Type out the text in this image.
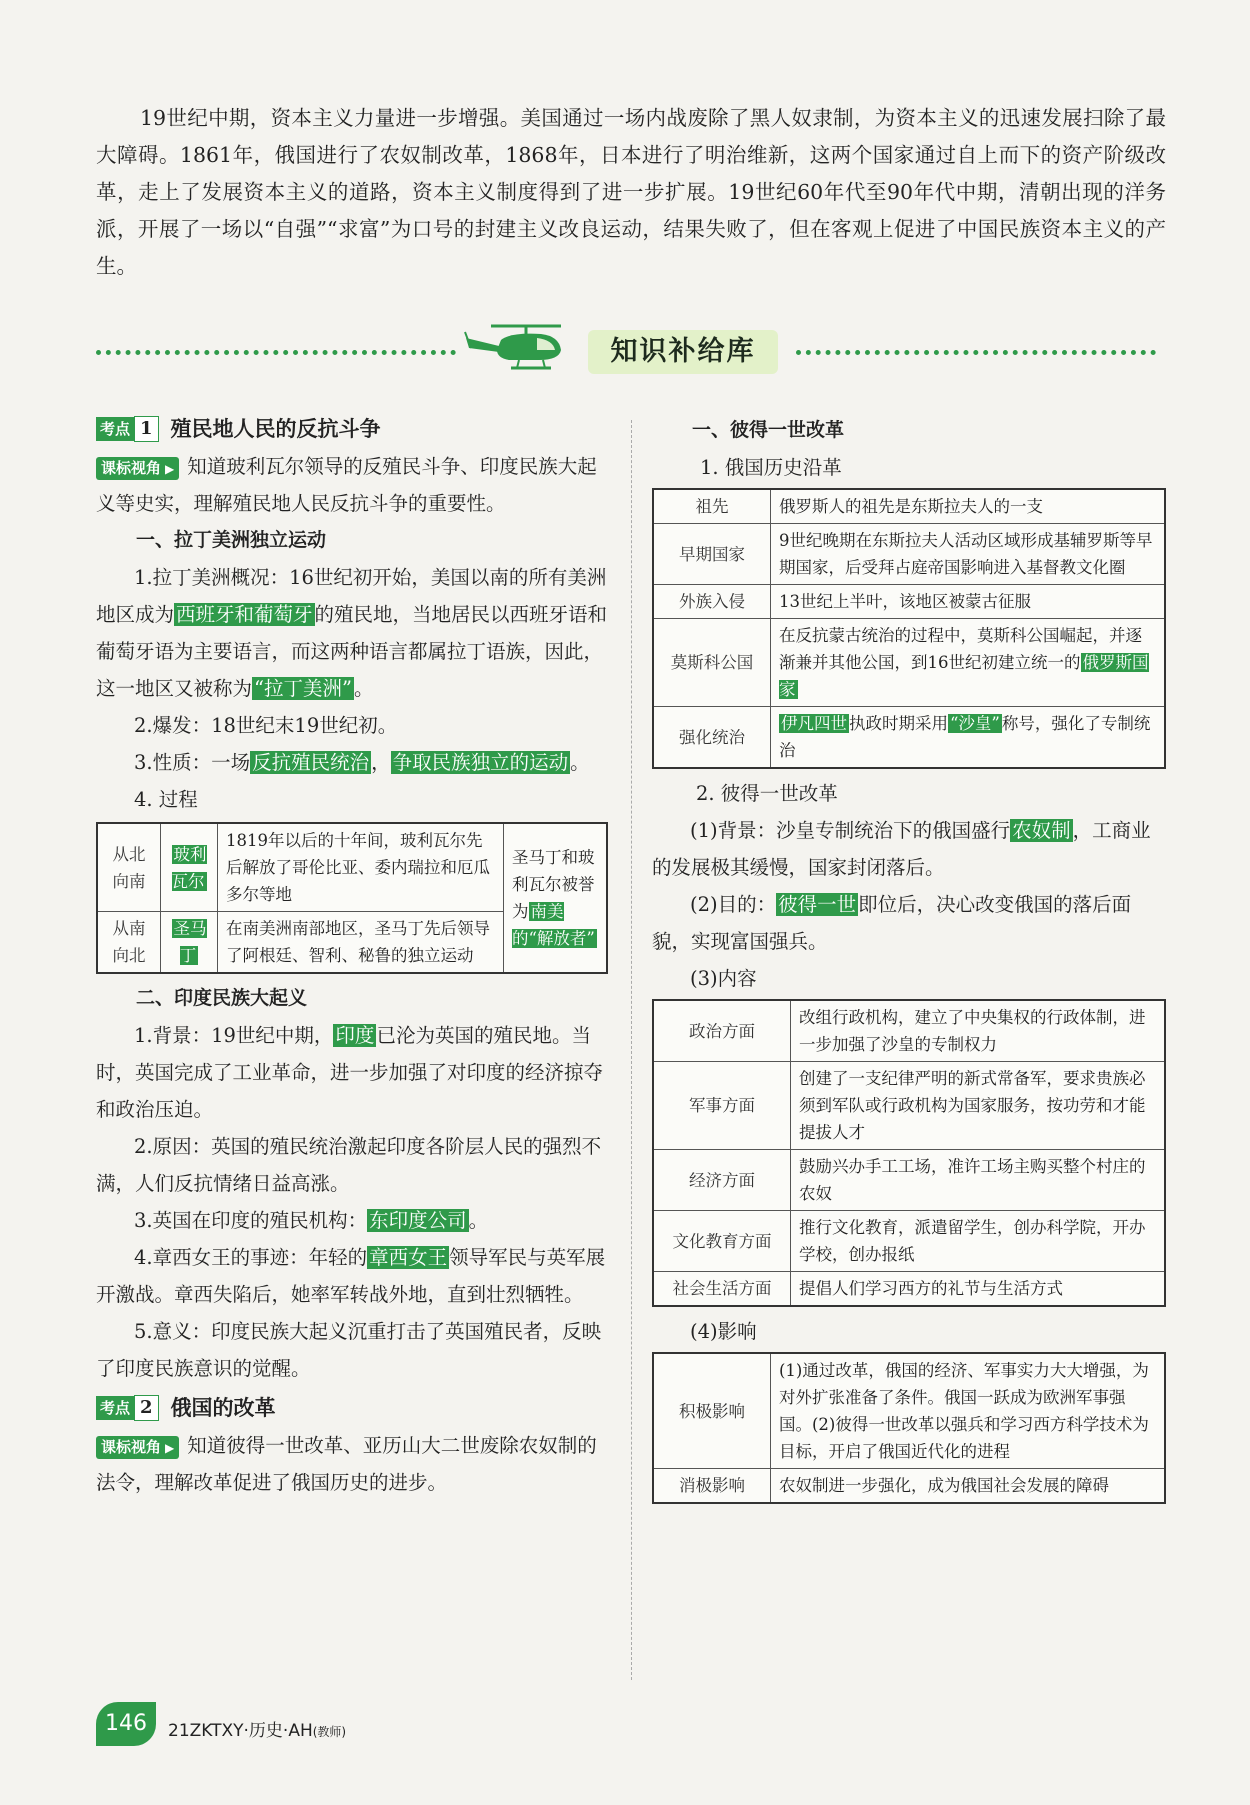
19世纪中期，资本主义力量进一步增强。美国通过一场内战废除了黑人奴隶制，为资本主义的迅速发展扫除了最大障碍。1861年，俄国进行了农奴制改革，1868年，日本进行了明治维新，这两个国家通过自上而下的资产阶级改革，走上了发展资本主义的道路，资本主义制度得到了进一步扩展。19世纪60年代至90年代中期，清朝出现的洋务派，开展了一场以“自强”“求富”为口号的封建主义改良运动，结果失败了，但在客观上促进了中国民族资本主义的产生。

知识补给库
考点 1 殖民地人民的反抗斗争

课标视角 ▶ 知道玻利瓦尔领导的反殖民斗争、印度民族大起义等史实，理解殖民地人民反抗斗争的重要性。

一、拉丁美洲独立运动

1.拉丁美洲概况：16世纪初开始，美国以南的所有美洲地区成为 西班牙和葡萄牙 的殖民地，当地居民以西班牙语和葡萄牙语为主要语言，而这两种语言都属拉丁语族，因此，这一地区又被称为 “拉丁美洲” 。

2.爆发：18世纪末19世纪初。

3.性质：一场 反抗殖民统治 ， 争取民族独立的运动 。

4. 过程

从北向南	玻利瓦尔	1819年以后的十年间，玻利瓦尔先后解放了哥伦比亚、委内瑞拉和厄瓜多尔等地	圣马丁和玻利瓦尔被誉为 南美的“解放者”
从南向北	圣马丁	在南美洲南部地区，圣马丁先后领导了阿根廷、智利、秘鲁的独立运动	

二、印度民族大起义

1.背景：19世纪中期， 印度 已沦为英国的殖民地。当时，英国完成了工业革命，进一步加强了对印度的经济掠夺和政治压迫。

2.原因：英国的殖民统治激起印度各阶层人民的强烈不满，人们反抗情绪日益高涨。

3.英国在印度的殖民机构： 东印度公司 。

4.章西女王的事迹：年轻的 章西女王 领导军民与英军展开激战。章西失陷后，她率军转战外地，直到壮烈牺牲。

5.意义：印度民族大起义沉重打击了英国殖民者，反映了印度民族意识的觉醒。

考点 2 俄国的改革

课标视角 ▶ 知道彼得一世改革、亚历山大二世废除农奴制的法令，理解改革促进了俄国历史的进步。

一、彼得一世改革

1. 俄国历史沿革

祖先	俄罗斯人的祖先是东斯拉夫人的一支
早期国家	9世纪晚期在东斯拉夫人活动区域形成基辅罗斯等早期国家，后受拜占庭帝国影响进入基督教文化圈
外族入侵	13世纪上半叶，该地区被蒙古征服
莫斯科公国	在反抗蒙古统治的过程中，莫斯科公国崛起，并逐渐兼并其他公国，到16世纪初建立统一的 俄罗斯国家
强化统治	伊凡四世 执政时期采用 “沙皇” 称号，强化了专制统治

2. 彼得一世改革

(1)背景：沙皇专制统治下的俄国盛行 农奴制 ，工商业的发展极其缓慢，国家封闭落后。

(2)目的： 彼得一世 即位后，决心改变俄国的落后面貌，实现富国强兵。

(3)内容

政治方面	改组行政机构，建立了中央集权的行政体制，进一步加强了沙皇的专制权力
军事方面	创建了一支纪律严明的新式常备军，要求贵族必须到军队或行政机构为国家服务，按功劳和才能提拔人才
经济方面	鼓励兴办手工工场，准许工场主购买整个村庄的农奴
文化教育方面	推行文化教育，派遣留学生，创办科学院，开办学校，创办报纸
社会生活方面	提倡人们学习西方的礼节与生活方式

(4)影响

积极影响	(1)通过改革，俄国的经济、军事实力大大增强，为对外扩张准备了条件。俄国一跃成为欧洲军事强国。(2)彼得一世改革以强兵和学习西方科学技术为目标，开启了俄国近代化的进程
消极影响	农奴制进一步强化，成为俄国社会发展的障碍
146	21ZKTXY·历史·AH(教师)
